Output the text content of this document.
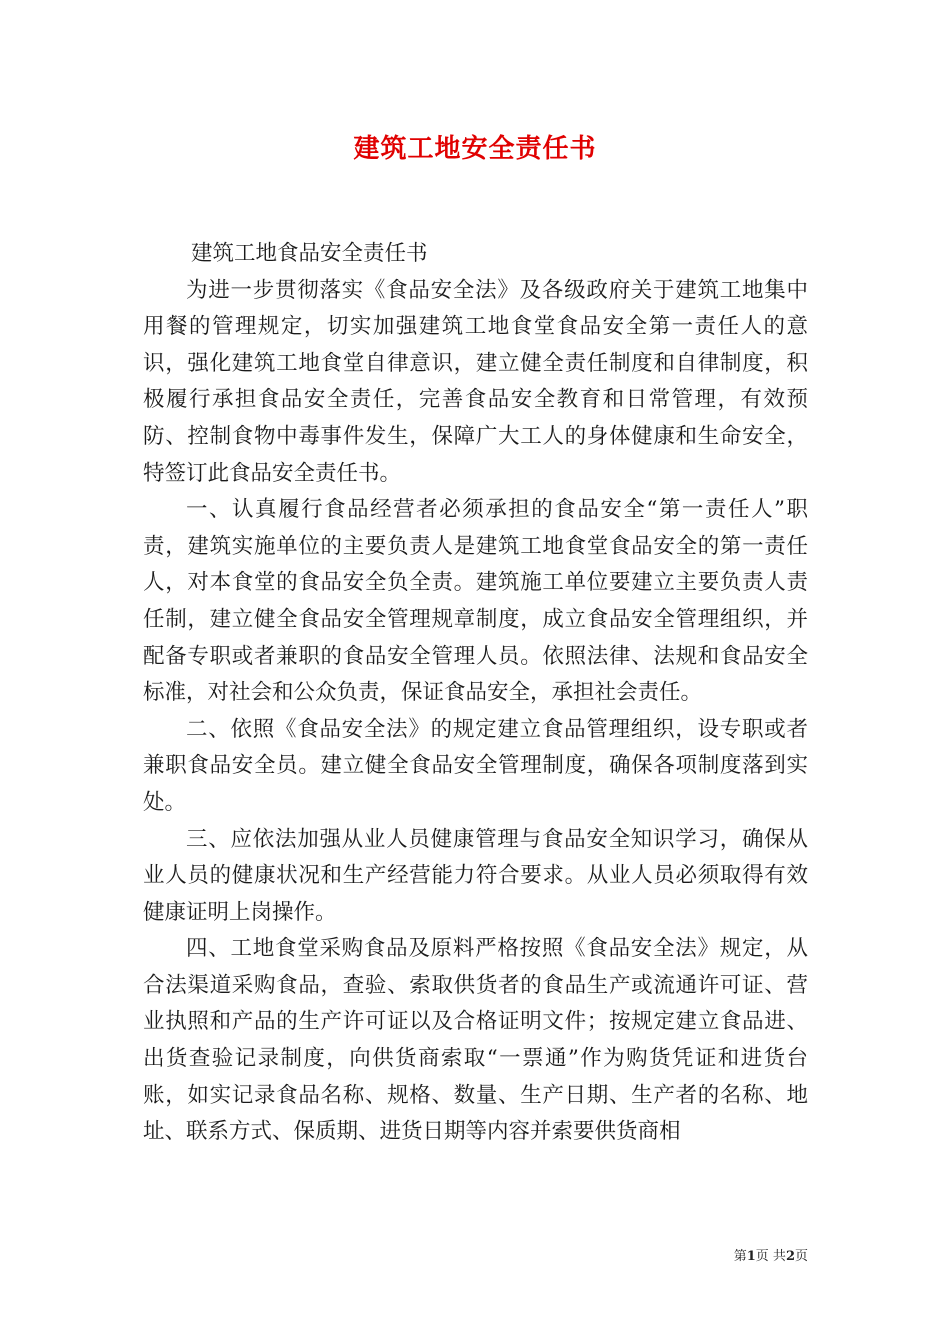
建筑工地安全责任书
建筑工地食品安全责任书

为进一步贯彻落实《食品安全法》及各级政府关于建筑工地集中用餐的管理规定，切实加强建筑工地食堂食品安全第一责任人的意识，强化建筑工地食堂自律意识，建立健全责任制度和自律制度，积极履行承担食品安全责任，完善食品安全教育和日常管理，有效预防、控制食物中毒事件发生，保障广大工人的身体健康和生命安全，特签订此食品安全责任书。

一、认真履行食品经营者必须承担的食品安全“第一责任人”职责，建筑实施单位的主要负责人是建筑工地食堂食品安全的第一责任人，对本食堂的食品安全负全责。建筑施工单位要建立主要负责人责任制，建立健全食品安全管理规章制度，成立食品安全管理组织，并配备专职或者兼职的食品安全管理人员。依照法律、法规和食品安全标准，对社会和公众负责，保证食品安全，承担社会责任。

二、依照《食品安全法》的规定建立食品管理组织，设专职或者兼职食品安全员。建立健全食品安全管理制度，确保各项制度落到实处。

三、应依法加强从业人员健康管理与食品安全知识学习，确保从业人员的健康状况和生产经营能力符合要求。从业人员必须取得有效健康证明上岗操作。

四、工地食堂采购食品及原料严格按照《食品安全法》规定，从合法渠道采购食品，查验、索取供货者的食品生产或流通许可证、营业执照和产品的生产许可证以及合格证明文件；按规定建立食品进、出货查验记录制度，向供货商索取“一票通”作为购货凭证和进货台账，如实记录食品名称、规格、数量、生产日期、生产者的名称、地址、联系方式、保质期、进货日期等内容并索要供货商相

第1页 共2页
